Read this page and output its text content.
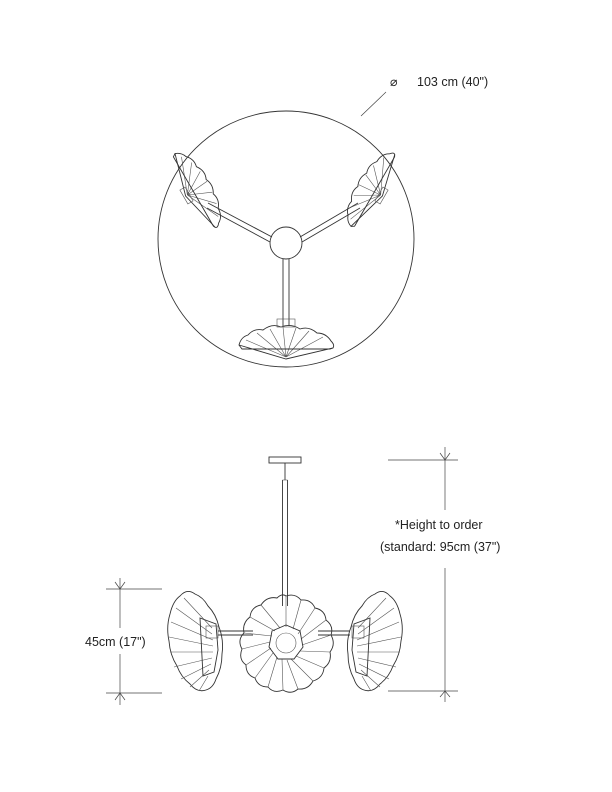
⌀ 103 cm (40")
*Height to order
(standard: 95cm (37")
45cm (17")
